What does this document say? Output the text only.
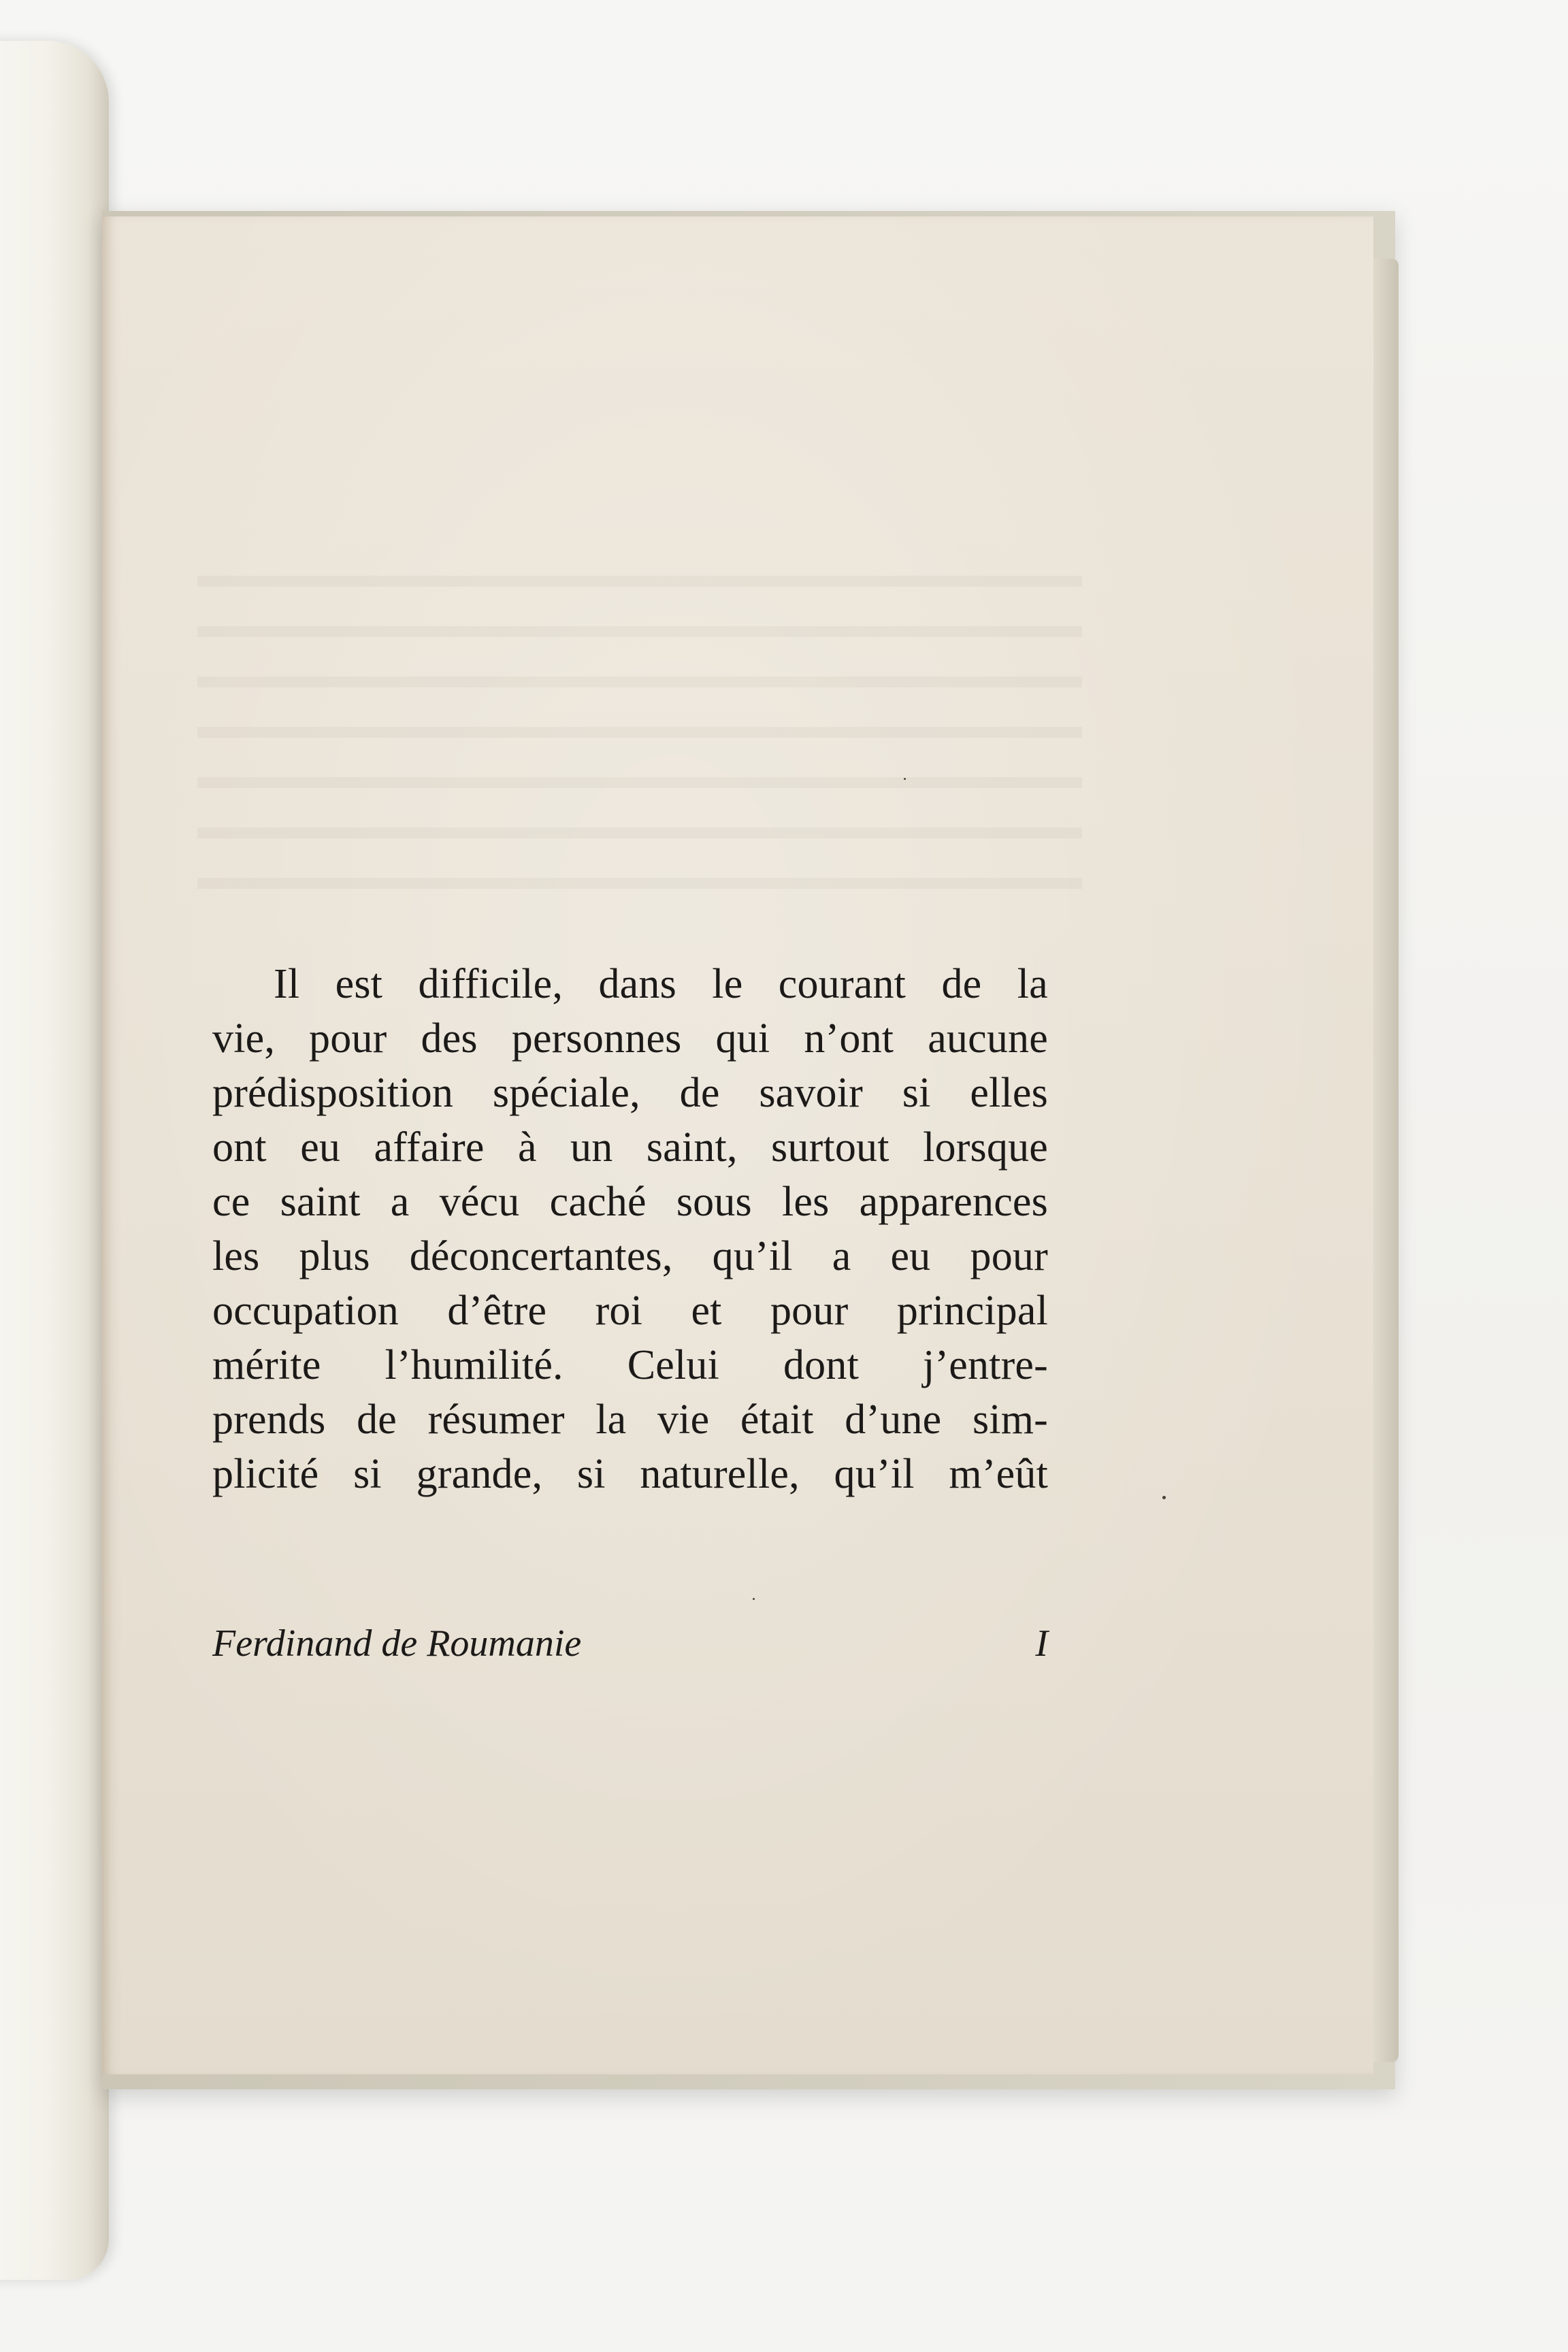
Il est difficile, dans le courant de la
vie, pour des personnes qui n’ont aucune
prédisposition spéciale, de savoir si elles
ont eu affaire à un saint, surtout lorsque
ce saint a vécu caché sous les apparences
les plus déconcertantes, qu’il a eu pour
occupation d’être roi et pour principal
mérite l’humilité. Celui dont j’entre-
prends de résumer la vie était d’une sim-
plicité si grande, si naturelle, qu’il m’eût
Ferdinand de Roumanie	I
